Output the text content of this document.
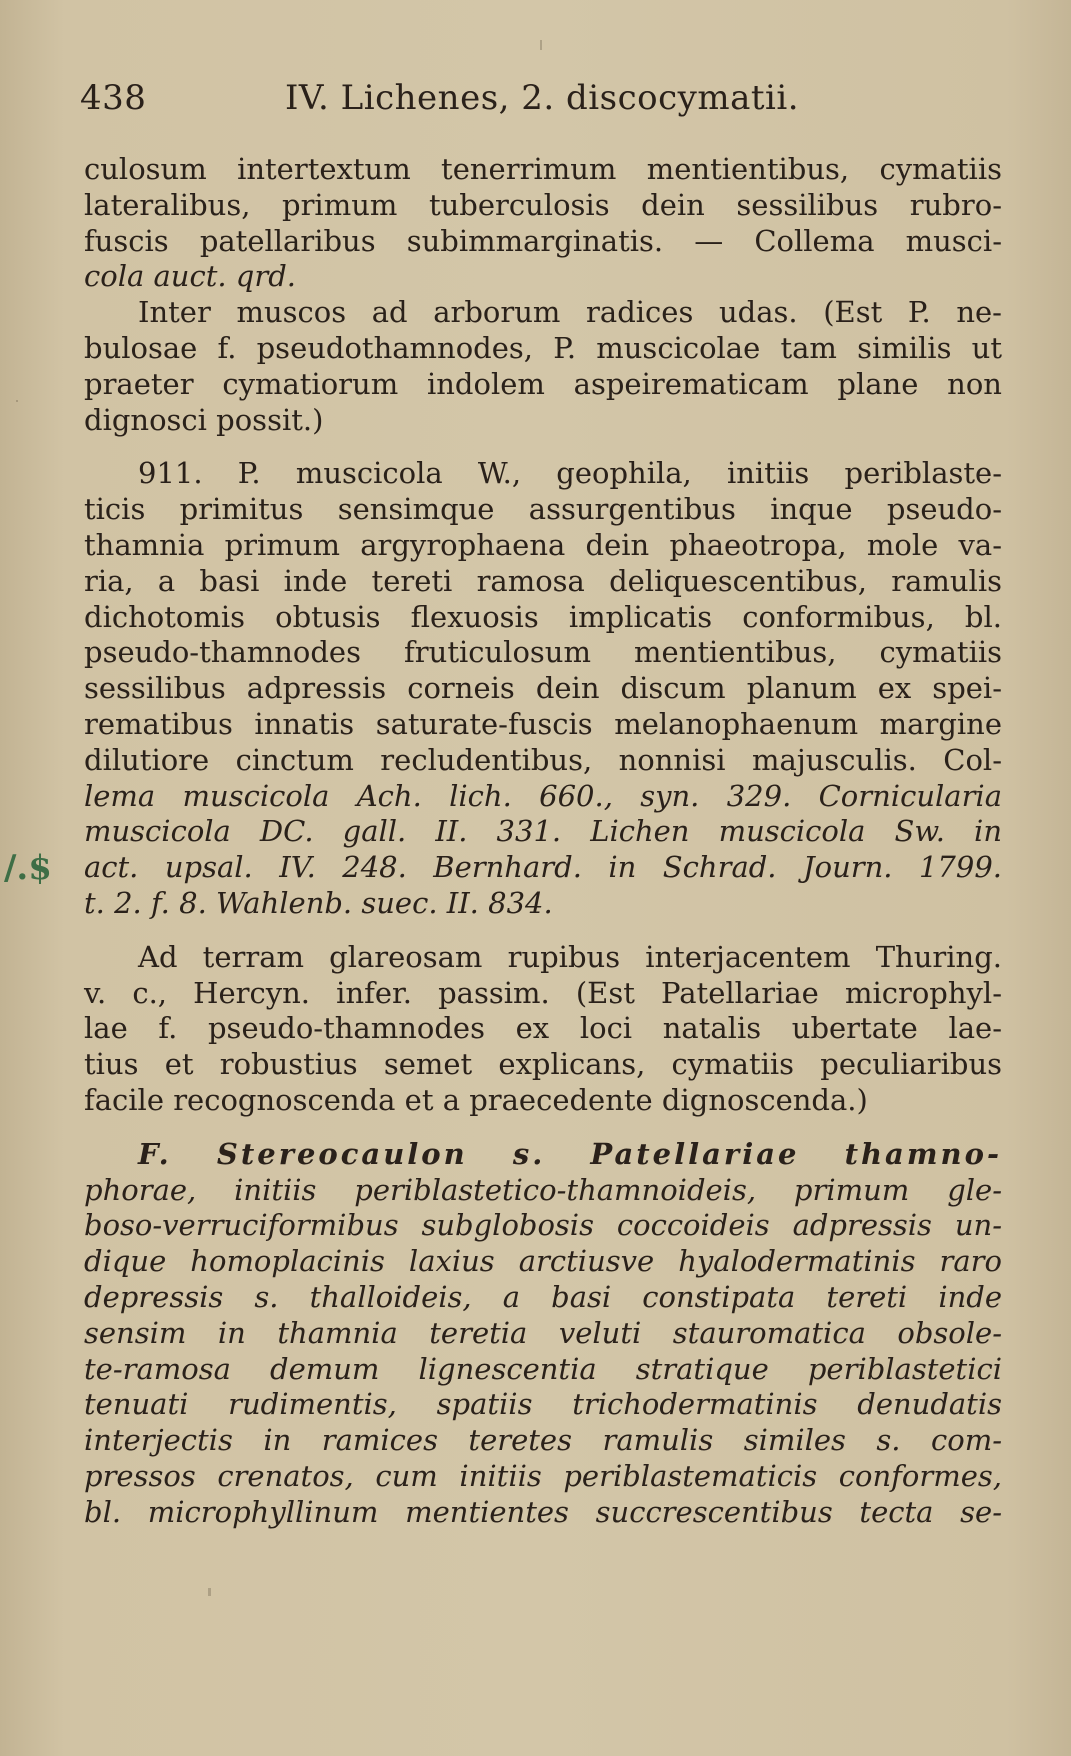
438	IV. Lichenes, 2. discocymatii.
/.$

culosum intertextum tenerrimum mentientibus, cymatiis

lateralibus, primum tuberculosis dein sessilibus rubro-

fuscis patellaribus subimmarginatis. — Collema musci-

cola auct. qrd.

Inter muscos ad arborum radices udas. (Est P. ne-

bulosae f. pseudothamnodes, P. muscicolae tam similis ut

praeter cymatiorum indolem aspeirematicam plane non

dignosci possit.)

911. P. muscicola W., geophila, initiis periblaste-

ticis primitus sensimque assurgentibus inque pseudo-

thamnia primum argyrophaena dein phaeotropa, mole va-

ria, a basi inde tereti ramosa deliquescentibus, ramulis

dichotomis obtusis flexuosis implicatis conformibus, bl.

pseudo-thamnodes fruticulosum mentientibus, cymatiis

sessilibus adpressis corneis dein discum planum ex spei-

rematibus innatis saturate-fuscis melanophaenum margine

dilutiore cinctum recludentibus, nonnisi majusculis. Col-

lema muscicola Ach. lich. 660., syn. 329. Cornicularia

muscicola DC. gall. II. 331. Lichen muscicola Sw. in

act. upsal. IV. 248. Bernhard. in Schrad. Journ. 1799.

t. 2. f. 8. Wahlenb. suec. II. 834.

Ad terram glareosam rupibus interjacentem Thuring.

v. c., Hercyn. infer. passim. (Est Patellariae microphyl-

lae f. pseudo-thamnodes ex loci natalis ubertate lae-

tius et robustius semet explicans, cymatiis peculiaribus

facile recognoscenda et a praecedente dignoscenda.)

F. Stereocaulon s. Patellariae thamno-

phorae, initiis periblastetico-thamnoideis, primum gle-

boso-verruciformibus subglobosis coccoideis adpressis un-

dique homoplacinis laxius arctiusve hyalodermatinis raro

depressis s. thalloideis, a basi constipata tereti inde

sensim in thamnia teretia veluti stauromatica obsole-

te-ramosa demum lignescentia stratique periblastetici

tenuati rudimentis, spatiis trichodermatinis denudatis

interjectis in ramices teretes ramulis similes s. com-

pressos crenatos, cum initiis periblastematicis conformes,

bl. microphyllinum mentientes succrescentibus tecta se-
